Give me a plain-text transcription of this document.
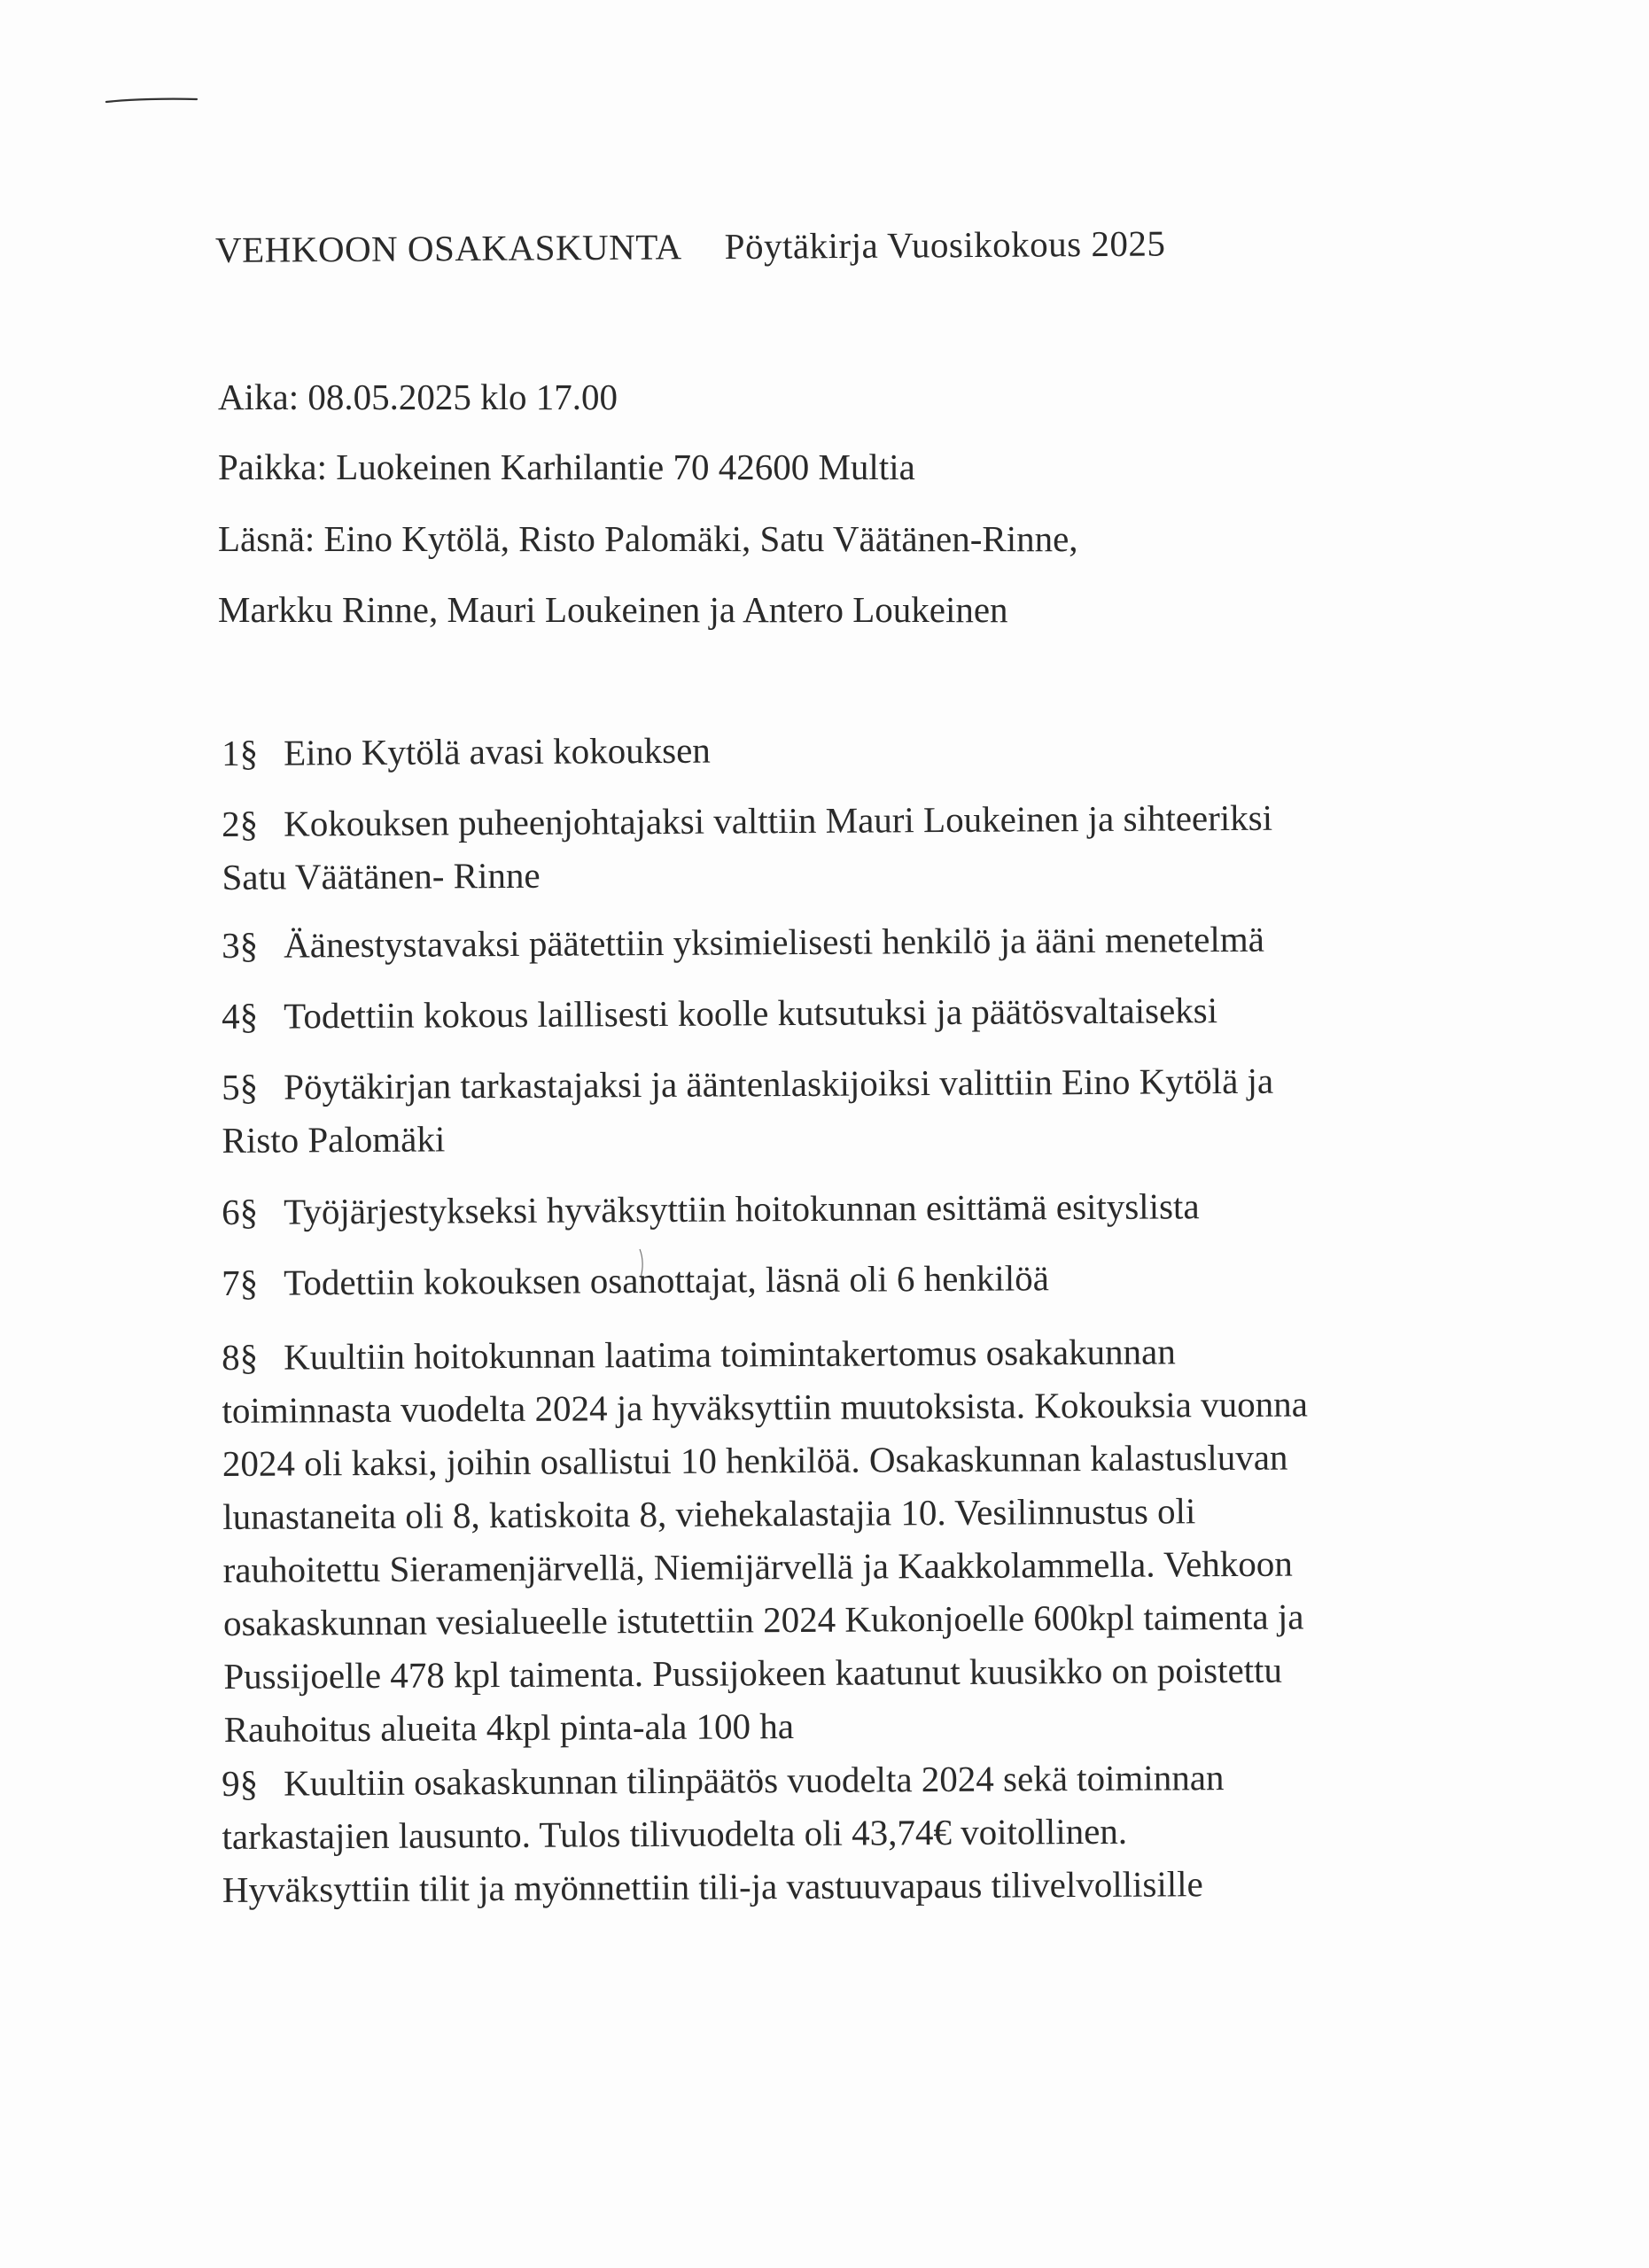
VEHKOON OSAKASKUNTA Pöytäkirja Vuosikokous 2025
Aika: 08.05.2025 klo 17.00
Paikka: Luokeinen Karhilantie 70 42600 Multia
Läsnä: Eino Kytölä, Risto Palomäki, Satu Väätänen-Rinne,
Markku Rinne, Mauri Loukeinen ja Antero Loukeinen
1§ Eino Kytölä avasi kokouksen
2§ Kokouksen puheenjohtajaksi valttiin Mauri Loukeinen ja sihteeriksi
Satu Väätänen- Rinne
3§ Äänestystavaksi päätettiin yksimielisesti henkilö ja ääni menetelmä
4§ Todettiin kokous laillisesti koolle kutsutuksi ja päätösvaltaiseksi
5§ Pöytäkirjan tarkastajaksi ja ääntenlaskijoiksi valittiin Eino Kytölä ja
Risto Palomäki
6§ Työjärjestykseksi hyväksyttiin hoitokunnan esittämä esityslista
7§ Todettiin kokouksen osanottajat, läsnä oli 6 henkilöä
8§ Kuultiin hoitokunnan laatima toimintakertomus osakakunnan
toiminnasta vuodelta 2024 ja hyväksyttiin muutoksista. Kokouksia vuonna
2024 oli kaksi, joihin osallistui 10 henkilöä. Osakaskunnan kalastusluvan
lunastaneita oli 8, katiskoita 8, viehekalastajia 10. Vesilinnustus oli
rauhoitettu Sieramenjärvellä, Niemijärvellä ja Kaakkolammella. Vehkoon
osakaskunnan vesialueelle istutettiin 2024 Kukonjoelle 600kpl taimenta ja
Pussijoelle 478 kpl taimenta. Pussijokeen kaatunut kuusikko on poistettu
Rauhoitus alueita 4kpl pinta-ala 100 ha
9§ Kuultiin osakaskunnan tilinpäätös vuodelta 2024 sekä toiminnan
tarkastajien lausunto. Tulos tilivuodelta oli 43,74€ voitollinen.
Hyväksyttiin tilit ja myönnettiin tili-ja vastuuvapaus tilivelvollisille
